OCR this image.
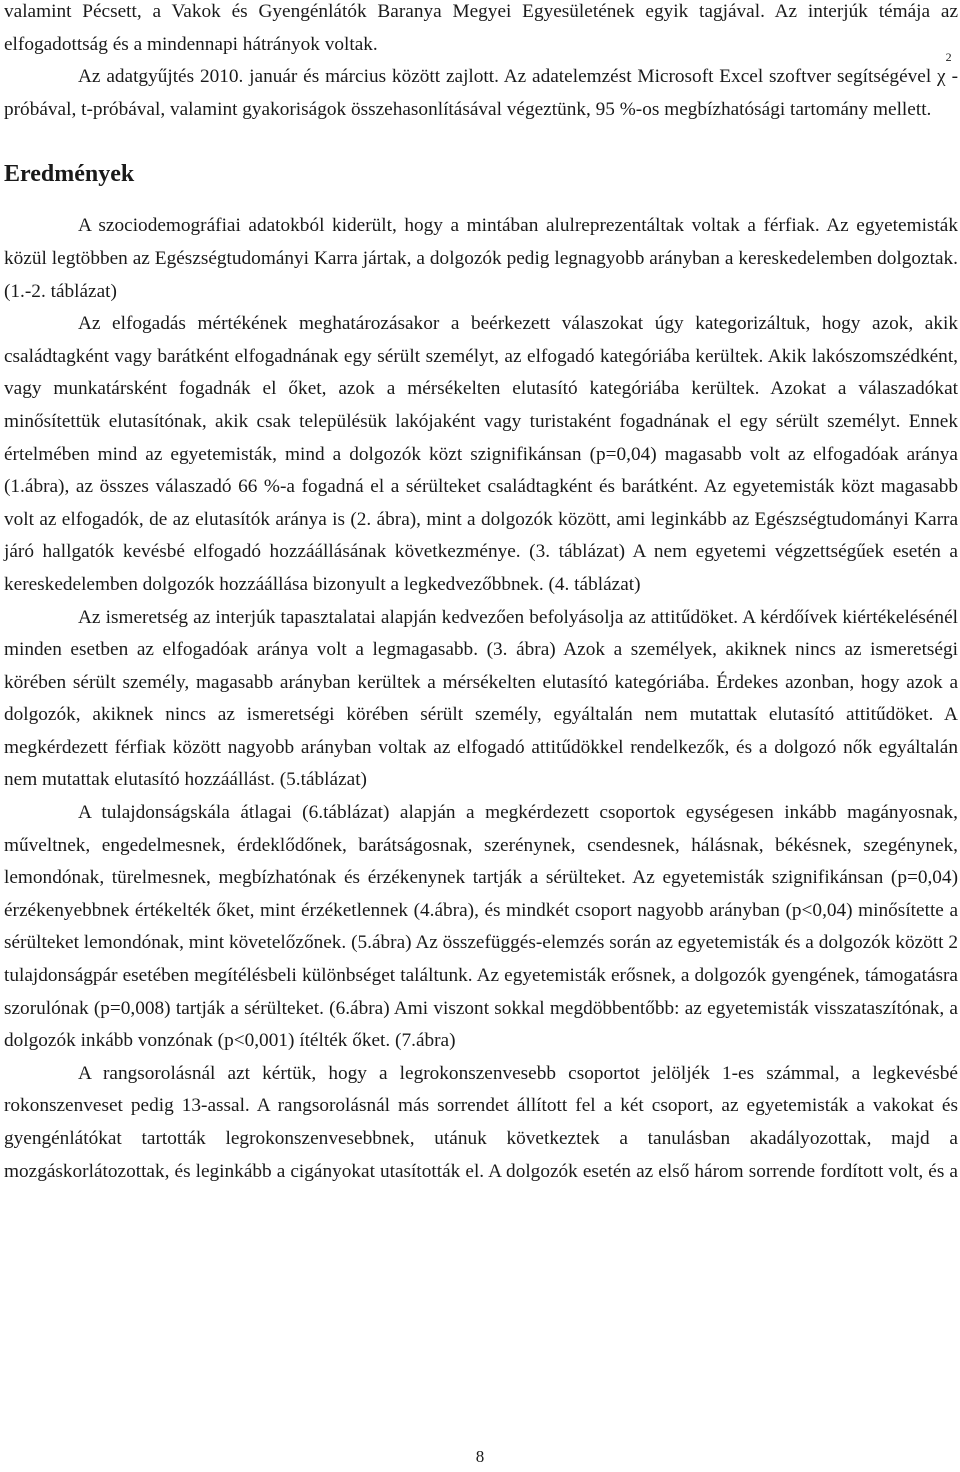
valamint Pécsett, a Vakok és Gyengénlátók Baranya Megyei Egyesületének egyik tagjával. Az interjúk témája az elfogadottság és a mindennapi hátrányok voltak.

Az adatgyűjtés 2010. január és március között zajlott. Az adatelemzést Microsoft Excel szoftver segítségével $\chi^2$-próbával, t-próbával, valamint gyakoriságok összehasonlításával végeztünk, 95 %-os megbízhatósági tartomány mellett.

Eredmények

A szociodemográfiai adatokból kiderült, hogy a mintában alulreprezentáltak voltak a férfiak. Az egyetemisták közül legtöbben az Egészségtudományi Karra jártak, a dolgozók pedig legnagyobb arányban a kereskedelemben dolgoztak. (1.-2. táblázat)

Az elfogadás mértékének meghatározásakor a beérkezett válaszokat úgy kategorizáltuk, hogy azok, akik családtagként vagy barátként elfogadnának egy sérült személyt, az elfogadó kategóriába kerültek. Akik lakószomszédként, vagy munkatársként fogadnák el őket, azok a mérsékelten elutasító kategóriába kerültek. Azokat a válaszadókat minősítettük elutasítónak, akik csak településük lakójaként vagy turistaként fogadnának el egy sérült személyt. Ennek értelmében mind az egyetemisták, mind a dolgozók közt szignifikánsan (p=0,04) magasabb volt az elfogadóak aránya (1.ábra), az összes válaszadó 66 %-a fogadná el a sérülteket családtagként és barátként. Az egyetemisták közt magasabb volt az elfogadók, de az elutasítók aránya is (2. ábra), mint a dolgozók között, ami leginkább az Egészségtudományi Karra járó hallgatók kevésbé elfogadó hozzáállásának következménye. (3. táblázat) A nem egyetemi végzettségűek esetén a kereskedelemben dolgozók hozzáállása bizonyult a legkedvezőbbnek. (4. táblázat)

Az ismeretség az interjúk tapasztalatai alapján kedvezően befolyásolja az attitűdöket. A kérdőívek kiértékelésénél minden esetben az elfogadóak aránya volt a legmagasabb. (3. ábra) Azok a személyek, akiknek nincs az ismeretségi körében sérült személy, magasabb arányban kerültek a mérsékelten elutasító kategóriába. Érdekes azonban, hogy azok a dolgozók, akiknek nincs az ismeretségi körében sérült személy, egyáltalán nem mutattak elutasító attitűdöket. A megkérdezett férfiak között nagyobb arányban voltak az elfogadó attitűdökkel rendelkezők, és a dolgozó nők egyáltalán nem mutattak elutasító hozzáállást. (5.táblázat)

A tulajdonságskála átlagai (6.táblázat) alapján a megkérdezett csoportok egységesen inkább magányosnak, műveltnek, engedelmesnek, érdeklődőnek, barátságosnak, szerénynek, csendesnek, hálásnak, békésnek, szegénynek, lemondónak, türelmesnek, megbízhatónak és érzékenynek tartják a sérülteket. Az egyetemisták szignifikánsan (p=0,04) érzékenyebbnek értékelték őket, mint érzéketlennek (4.ábra), és mindkét csoport nagyobb arányban (p<0,04) minősítette a sérülteket lemondónak, mint követelőzőnek. (5.ábra) Az összefüggés-elemzés során az egyetemisták és a dolgozók között 2 tulajdonságpár esetében megítélésbeli különbséget találtunk. Az egyetemisták erősnek, a dolgozók gyengének, támogatásra szorulónak (p=0,008) tartják a sérülteket. (6.ábra) Ami viszont sokkal megdöbbentőbb: az egyetemisták visszataszítónak, a dolgozók inkább vonzónak (p<0,001) ítélték őket. (7.ábra)

A rangsorolásnál azt kértük, hogy a legrokonszenvesebb csoportot jelöljék 1-es számmal, a legkevésbé rokonszenveset pedig 13-assal. A rangsorolásnál más sorrendet állított fel a két csoport, az egyetemisták a vakokat és gyengénlátókat tartották legrokonszenvesebbnek, utánuk következtek a tanulásban akadályozottak, majd a mozgáskorlátozottak, és leginkább a cigányokat utasították el. A dolgozók esetén az első három sorrende fordított volt, és a

8
